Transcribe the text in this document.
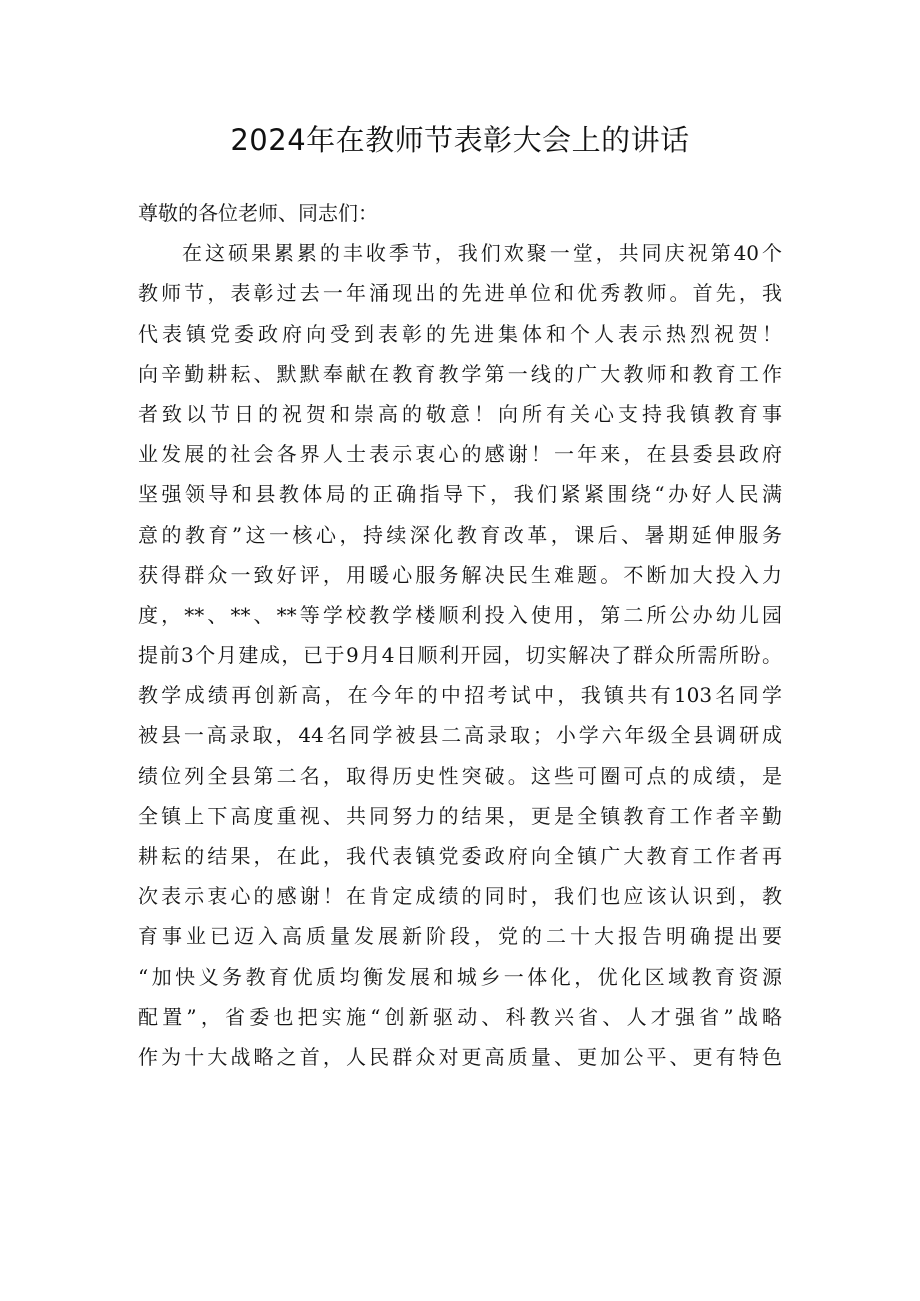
2024年在教师节表彰大会上的讲话
尊敬的各位老师、同志们：
在这硕果累累的丰收季节，我们欢聚一堂，共同庆祝第40个
教师节，表彰过去一年涌现出的先进单位和优秀教师。首先，我
代表镇党委政府向受到表彰的先进集体和个人表示热烈祝贺！
向辛勤耕耘、默默奉献在教育教学第一线的广大教师和教育工作
者致以节日的祝贺和崇高的敬意！向所有关心支持我镇教育事
业发展的社会各界人士表示衷心的感谢！一年来，在县委县政府
坚强领导和县教体局的正确指导下，我们紧紧围绕“办好人民满
意的教育”这一核心，持续深化教育改革，课后、暑期延伸服务
获得群众一致好评，用暖心服务解决民生难题。不断加大投入力
度，**、**、**等学校教学楼顺利投入使用，第二所公办幼儿园
提前3个月建成，已于9月4日顺利开园，切实解决了群众所需所盼。
教学成绩再创新高，在今年的中招考试中，我镇共有103名同学
被县一高录取，44名同学被县二高录取；小学六年级全县调研成
绩位列全县第二名，取得历史性突破。这些可圈可点的成绩，是
全镇上下高度重视、共同努力的结果，更是全镇教育工作者辛勤
耕耘的结果，在此，我代表镇党委政府向全镇广大教育工作者再
次表示衷心的感谢！在肯定成绩的同时，我们也应该认识到，教
育事业已迈入高质量发展新阶段，党的二十大报告明确提出要
“加快义务教育优质均衡发展和城乡一体化，优化区域教育资源
配置”，省委也把实施“创新驱动、科教兴省、人才强省”战略
作为十大战略之首，人民群众对更高质量、更加公平、更有特色
